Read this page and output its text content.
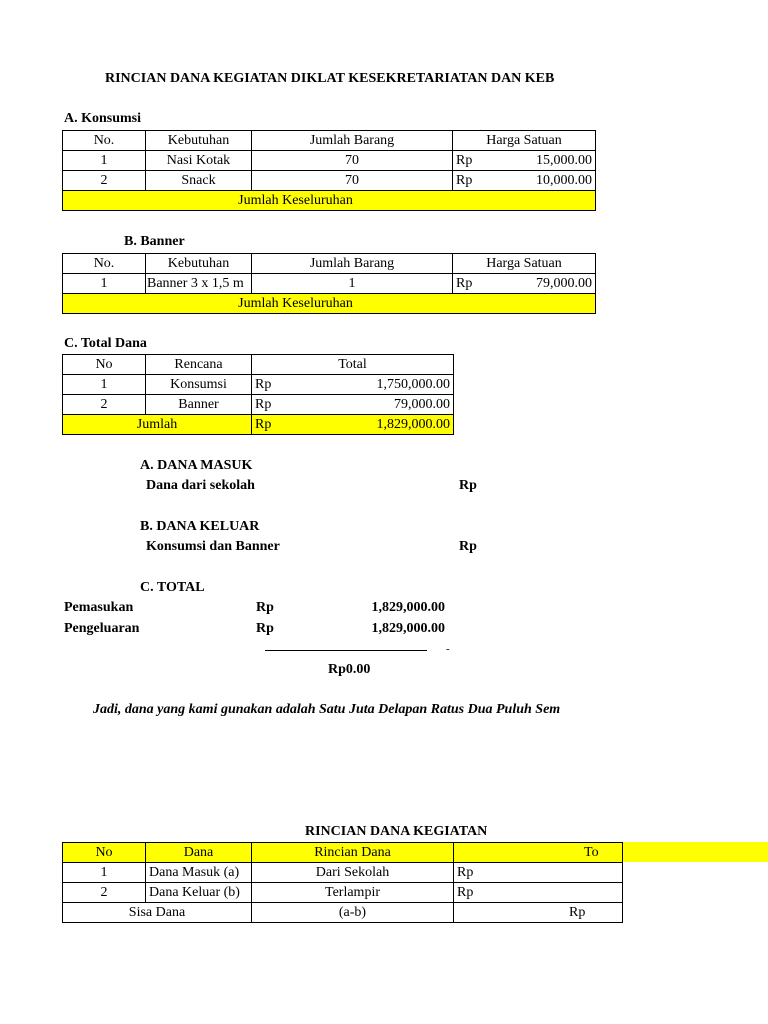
RINCIAN DANA KEGIATAN DIKLAT KESEKRETARIATAN DAN KEB
A. Konsumsi
No.	Kebutuhan	Jumlah Barang	Harga Satuan
1	Nasi Kotak	70	Rp 15,000.00

2	Snack	70	Rp 10,000.00

Jumlah Keseluruhan			
B. Banner
No.	Kebutuhan	Jumlah Barang	Harga Satuan
1	Banner 3 x 1,5 m	1	Rp 79,000.00

Jumlah Keseluruhan			
C. Total Dana
No	Rencana	Total
1	Konsumsi	Rp 1,750,000.00

2	Banner	Rp 79,000.00

Jumlah		Rp 1,829,000.00
A. DANA MASUK
Dana dari sekolah	Rp
B. DANA KELUAR
Konsumsi dan Banner	Rp
C. TOTAL
Pemasukan	Rp	1,829,000.00
Pengeluaran	Rp	1,829,000.00
-
Rp0.00
Jadi, dana yang kami gunakan adalah Satu Juta Delapan Ratus Dua Puluh Sem
RINCIAN DANA KEGIATAN
No	Dana	Rincian Dana	To
1	Dana Masuk (a)	Dari Sekolah	Rp
2	Dana Keluar (b)	Terlampir	Rp
Sisa Dana		(a-b)	Rp
